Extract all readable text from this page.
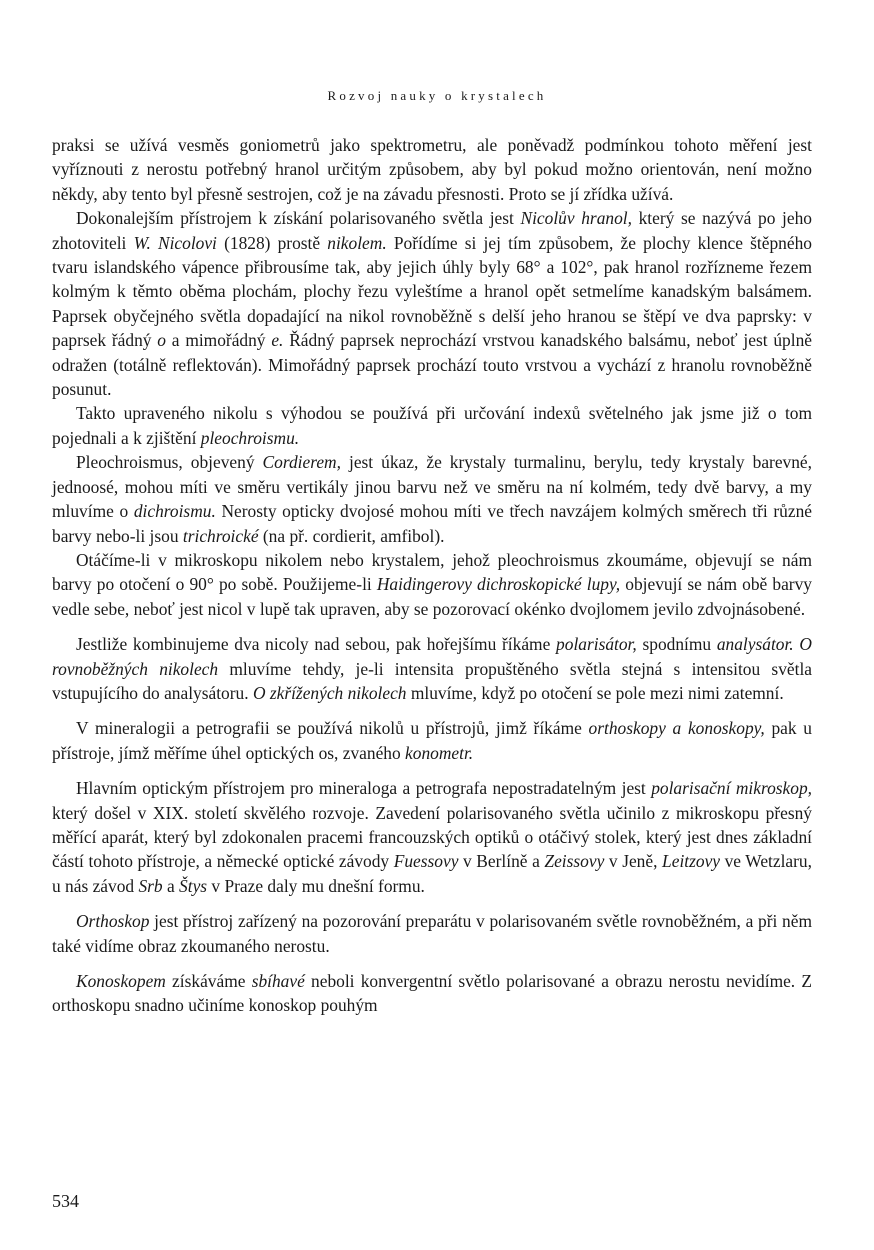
Rozvoj nauky o krystalech

praksi se užívá vesměs goniometrů jako spektrometru, ale poněvadž podmínkou tohoto měření jest vyříznouti z nerostu potřebný hranol určitým způsobem, aby byl pokud možno orientován, není možno někdy, aby tento byl přesně sestrojen, což je na závadu přesnosti. Proto se jí zřídka užívá.

Dokonalejším přístrojem k získání polarisovaného světla jest Nicolův hranol, který se nazývá po jeho zhotoviteli W. Nicolovi (1828) prostě nikolem. Pořídíme si jej tím způsobem, že plochy klence štěpného tvaru islandského vápence přibrousíme tak, aby jejich úhly byly 68° a 102°, pak hranol rozřízneme řezem kolmým k těmto oběma plochám, plochy řezu vyleštíme a hranol opět setmelíme kanadským balsámem. Paprsek obyčejného světla dopadající na nikol rovnoběžně s delší jeho hranou se štěpí ve dva paprsky: v paprsek řádný o a mimořádný e. Řádný paprsek neprochází vrstvou kanadského balsámu, neboť jest úplně odražen (totálně reflektován). Mimořádný paprsek prochází touto vrstvou a vychází z hranolu rovnoběžně posunut.

Takto upraveného nikolu s výhodou se používá při určování indexů světelného jak jsme již o tom pojednali a k zjištění pleochroismu.

Pleochroismus, objevený Cordierem, jest úkaz, že krystaly turmalinu, berylu, tedy krystaly barevné, jednoosé, mohou míti ve směru vertikály jinou barvu než ve směru na ní kolmém, tedy dvě barvy, a my mluvíme o dichroismu. Nerosty opticky dvojosé mohou míti ve třech navzájem kolmých směrech tři různé barvy nebo-li jsou trichroické (na př. cordierit, amfibol).

Otáčíme-li v mikroskopu nikolem nebo krystalem, jehož pleochroismus zkoumáme, objevují se nám barvy po otočení o 90° po sobě. Použijeme-li Haidingerovy dichroskopické lupy, objevují se nám obě barvy vedle sebe, neboť jest nicol v lupě tak upraven, aby se pozorovací okénko dvojlomem jevilo zdvojnásobené.

Jestliže kombinujeme dva nicoly nad sebou, pak hořejšímu říkáme polarisátor, spodnímu analysátor. O rovnoběžných nikolech mluvíme tehdy, je-li intensita propuštěného světla stejná s intensitou světla vstupujícího do analysátoru. O zkřížených nikolech mluvíme, když po otočení se pole mezi nimi zatemní.

V mineralogii a petrografii se používá nikolů u přístrojů, jimž říkáme orthoskopy a konoskopy, pak u přístroje, jímž měříme úhel optických os, zvaného konometr.

Hlavním optickým přístrojem pro mineraloga a petrografa nepostradatelným jest polarisační mikroskop, který došel v XIX. století skvělého rozvoje. Zavedení polarisovaného světla učinilo z mikroskopu přesný měřící aparát, který byl zdokonalen pracemi francouzských optiků o otáčivý stolek, který jest dnes základní částí tohoto přístroje, a německé optické závody Fuessovy v Berlíně a Zeissovy v Jeně, Leitzovy ve Wetzlaru, u nás závod Srb a Štys v Praze daly mu dnešní formu.

Orthoskop jest přístroj zařízený na pozorování preparátu v polarisovaném světle rovnoběžném, a při něm také vidíme obraz zkoumaného nerostu.

Konoskopem získáváme sbíhavé neboli konvergentní světlo polarisované a obrazu nerostu nevidíme. Z orthoskopu snadno učiníme konoskop pouhým

534
